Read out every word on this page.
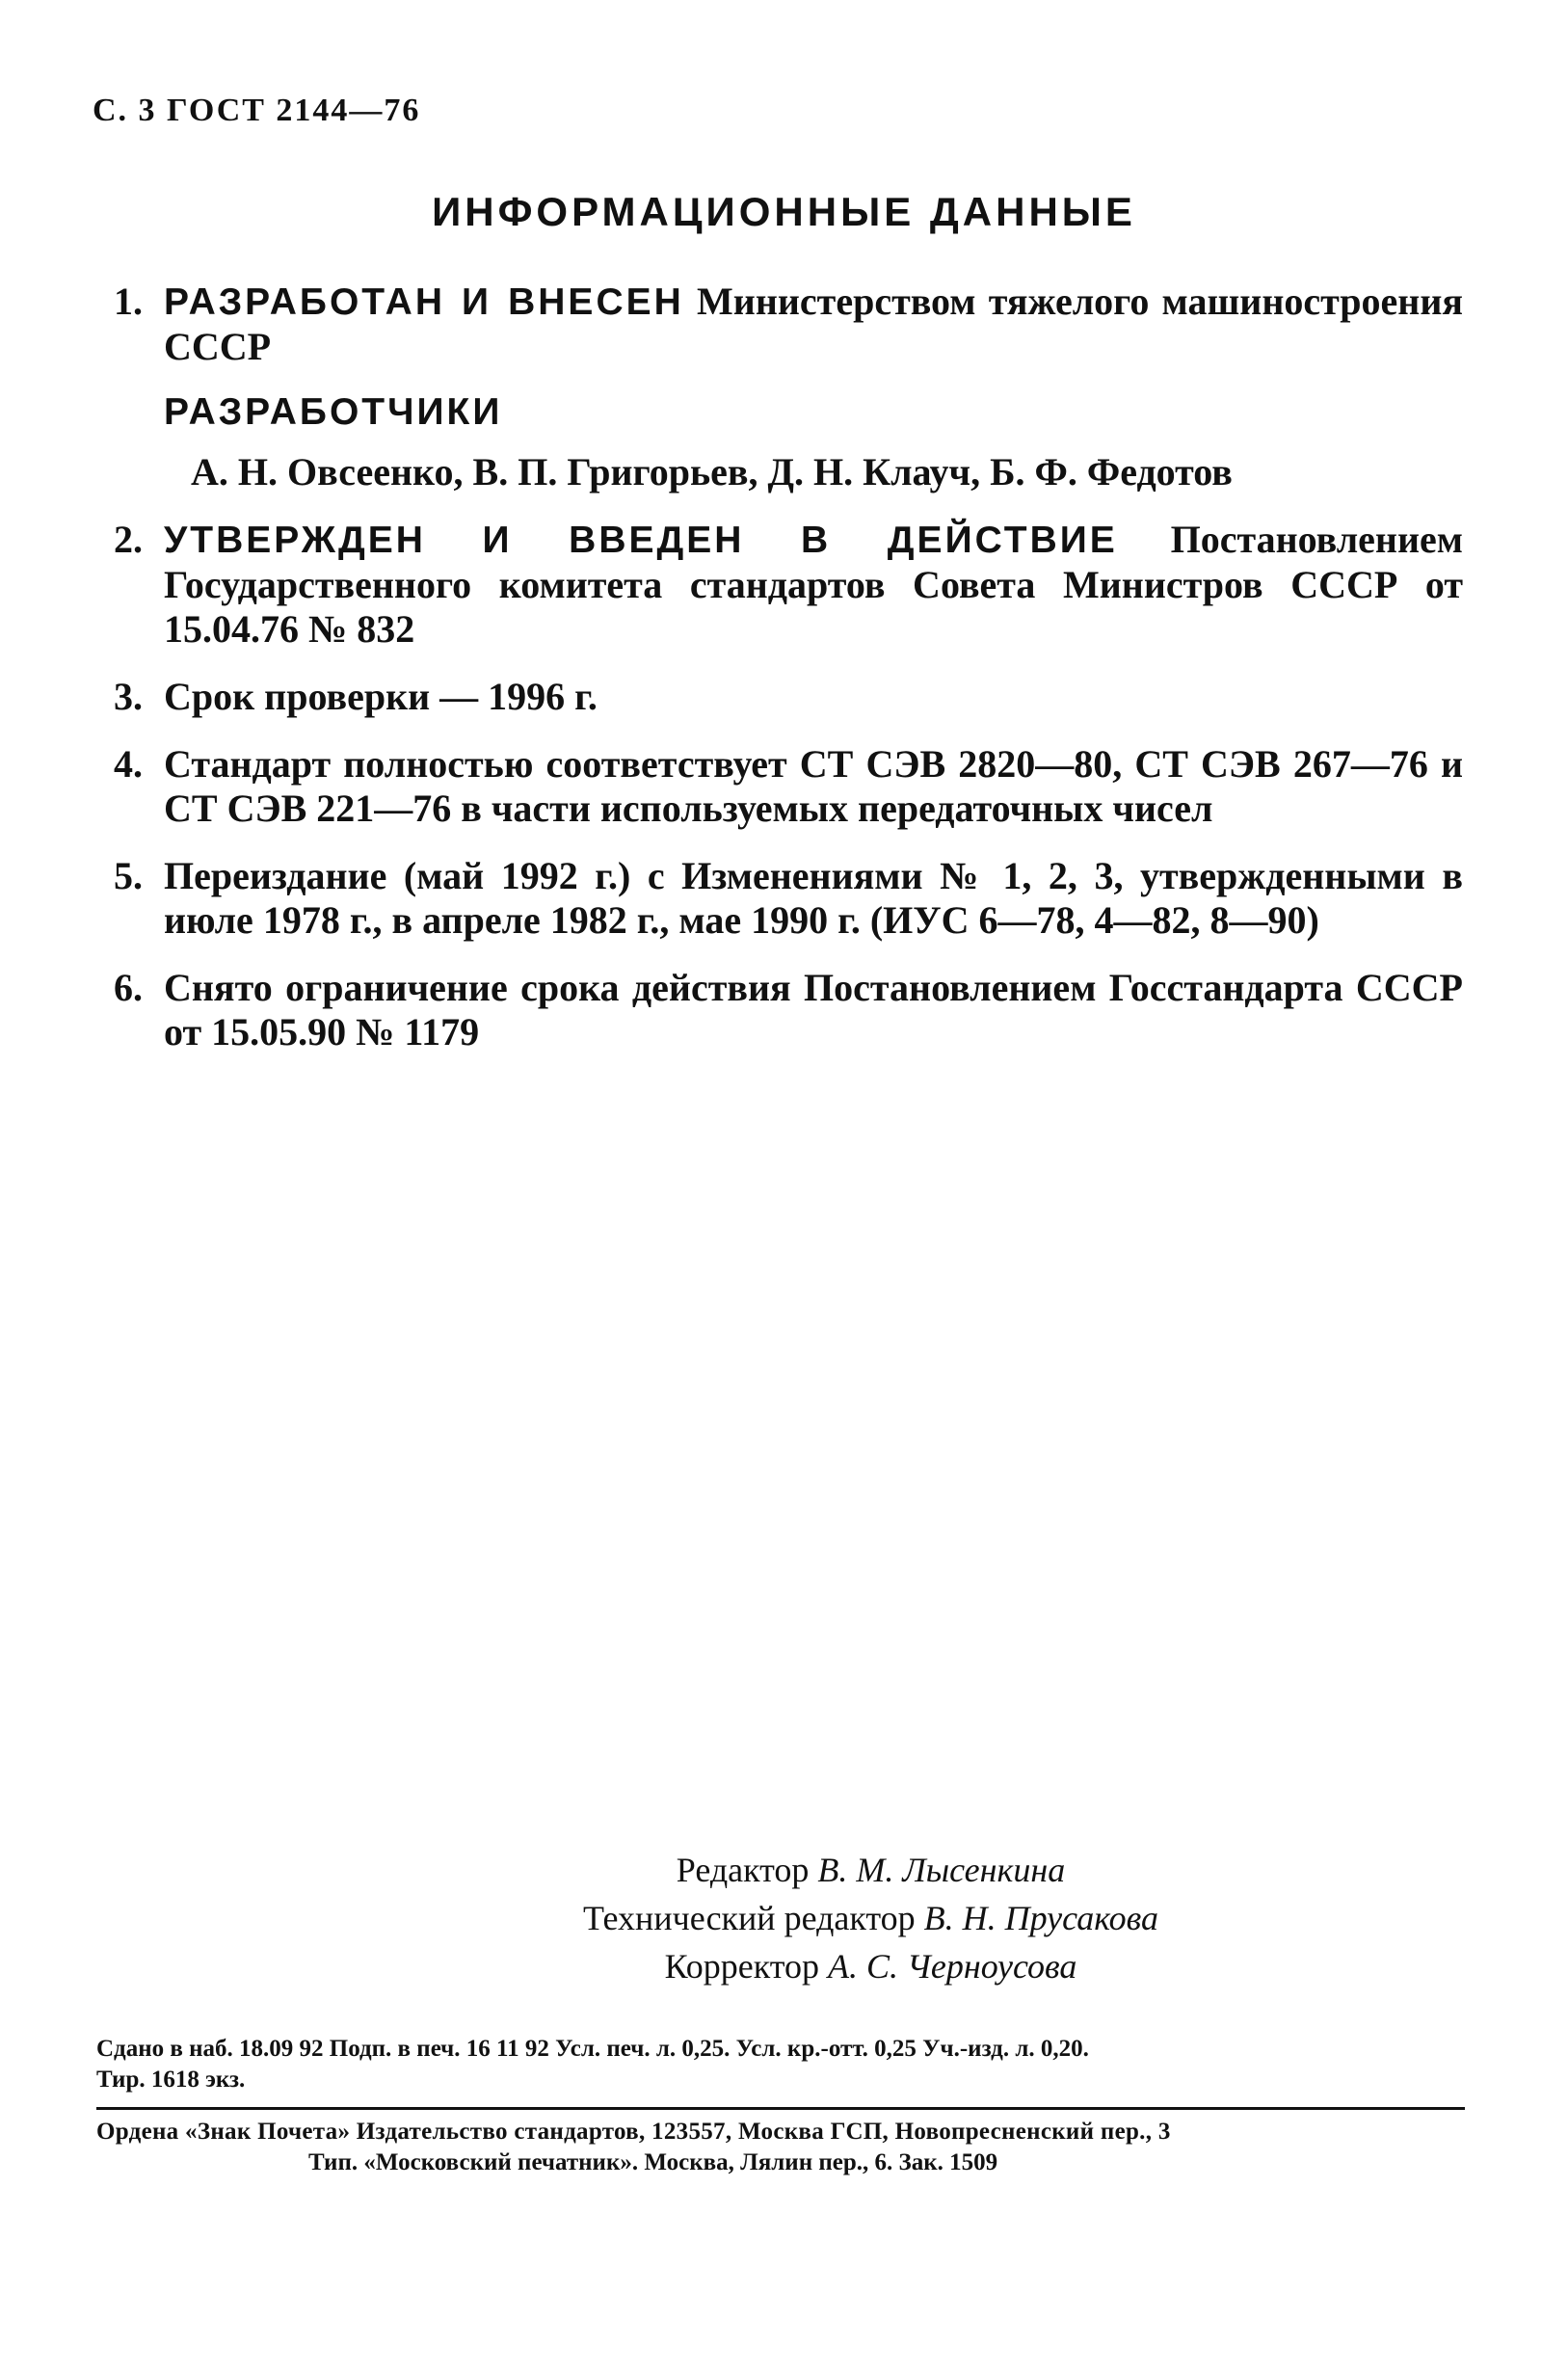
С. 3 ГОСТ 2144—76
ИНФОРМАЦИОННЫЕ ДАННЫЕ
1. РАЗРАБОТАН И ВНЕСЕН Министерством тяжелого машиностроения СССР
РАЗРАБОТЧИКИ
А. Н. Овсеенко, В. П. Григорьев, Д. Н. Клауч, Б. Ф. Федотов
2. УТВЕРЖДЕН И ВВЕДЕН В ДЕЙСТВИЕ Постановлением Государственного комитета стандартов Совета Министров СССР от 15.04.76 № 832
3. Срок проверки — 1996 г.
4. Стандарт полностью соответствует СТ СЭВ 2820—80, СТ СЭВ 267—76 и СТ СЭВ 221—76 в части используемых передаточных чисел
5. Переиздание (май 1992 г.) с Изменениями № 1, 2, 3, утвержденными в июле 1978 г., в апреле 1982 г., мае 1990 г. (ИУС 6—78, 4—82, 8—90)
6. Снято ограничение срока действия Постановлением Госстандарта СССР от 15.05.90 № 1179
Редактор В. М. Лысенкина
Технический редактор В. Н. Прусакова
Корректор А. С. Черноусова
Сдано в наб. 18.09 92 Подп. в печ. 16 11 92 Усл. печ. л. 0,25. Усл. кр.-отт. 0,25 Уч.-изд. л. 0,20.
Тир. 1618 экз.
Ордена «Знак Почета» Издательство стандартов, 123557, Москва ГСП, Новопресненский пер., 3
Тип. «Московский печатник». Москва, Лялин пер., 6. Зак. 1509
